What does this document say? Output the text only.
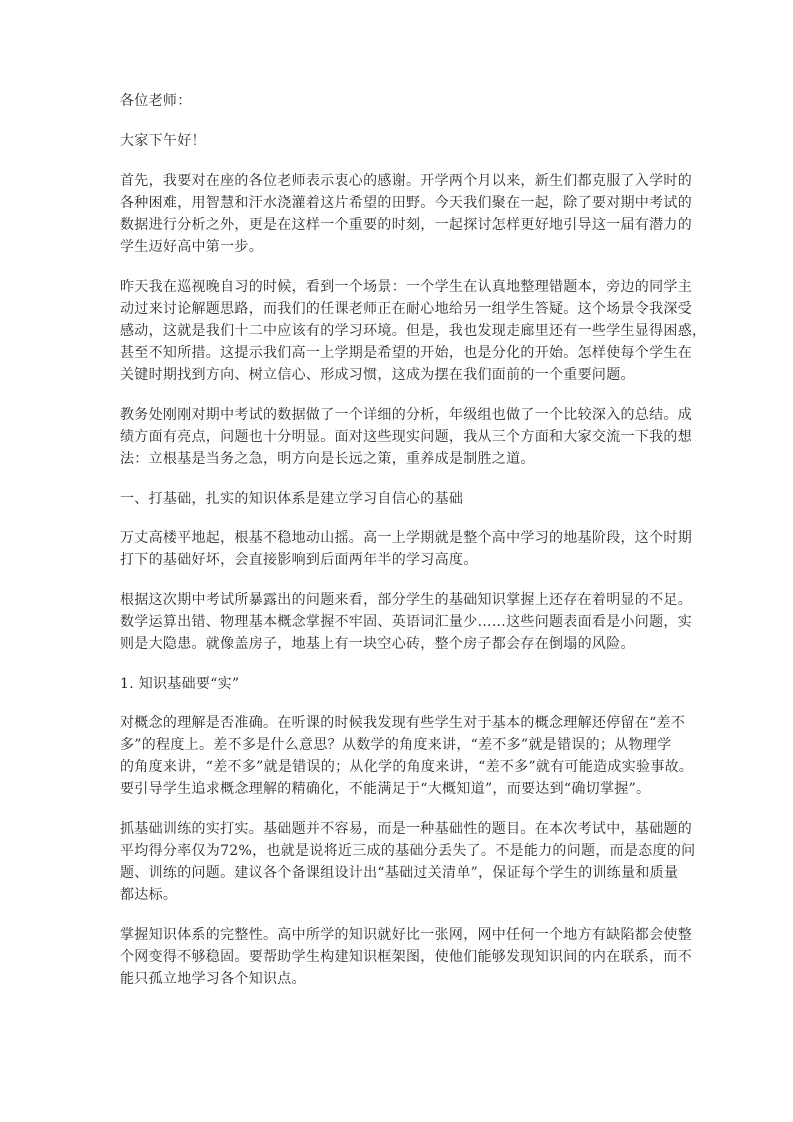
各位老师：

大家下午好！

首先，我要对在座的各位老师表示衷心的感谢。开学两个月以来，新生们都克服了入学时的
各种困难，用智慧和汗水浇灌着这片希望的田野。今天我们聚在一起，除了要对期中考试的
数据进行分析之外，更是在这样一个重要的时刻，一起探讨怎样更好地引导这一届有潜力的
学生迈好高中第一步。

昨天我在巡视晚自习的时候，看到一个场景：一个学生在认真地整理错题本，旁边的同学主
动过来讨论解题思路，而我们的任课老师正在耐心地给另一组学生答疑。这个场景令我深受
感动，这就是我们十二中应该有的学习环境。但是，我也发现走廊里还有一些学生显得困惑，
甚至不知所措。这提示我们高一上学期是希望的开始，也是分化的开始。怎样使每个学生在
关键时期找到方向、树立信心、形成习惯，这成为摆在我们面前的一个重要问题。

教务处刚刚对期中考试的数据做了一个详细的分析，年级组也做了一个比较深入的总结。成
绩方面有亮点，问题也十分明显。面对这些现实问题，我从三个方面和大家交流一下我的想
法：立根基是当务之急，明方向是长远之策，重养成是制胜之道。

一、打基础，扎实的知识体系是建立学习自信心的基础

万丈高楼平地起，根基不稳地动山摇。高一上学期就是整个高中学习的地基阶段，这个时期
打下的基础好坏，会直接影响到后面两年半的学习高度。

根据这次期中考试所暴露出的问题来看，部分学生的基础知识掌握上还存在着明显的不足。
数学运算出错、物理基本概念掌握不牢固、英语词汇量少……这些问题表面看是小问题，实
则是大隐患。就像盖房子，地基上有一块空心砖，整个房子都会存在倒塌的风险。

1. 知识基础要“实”

对概念的理解是否准确。在听课的时候我发现有些学生对于基本的概念理解还停留在“差不
多”的程度上。差不多是什么意思？从数学的角度来讲，“差不多”就是错误的；从物理学
的角度来讲，“差不多”就是错误的；从化学的角度来讲，“差不多”就有可能造成实验事故。
要引导学生追求概念理解的精确化，不能满足于“大概知道”，而要达到“确切掌握”。

抓基础训练的实打实。基础题并不容易，而是一种基础性的题目。在本次考试中，基础题的
平均得分率仅为72%，也就是说将近三成的基础分丢失了。不是能力的问题，而是态度的问
题、训练的问题。建议各个备课组设计出“基础过关清单”，保证每个学生的训练量和质量
都达标。

掌握知识体系的完整性。高中所学的知识就好比一张网，网中任何一个地方有缺陷都会使整
个网变得不够稳固。要帮助学生构建知识框架图，使他们能够发现知识间的内在联系，而不
能只孤立地学习各个知识点。
